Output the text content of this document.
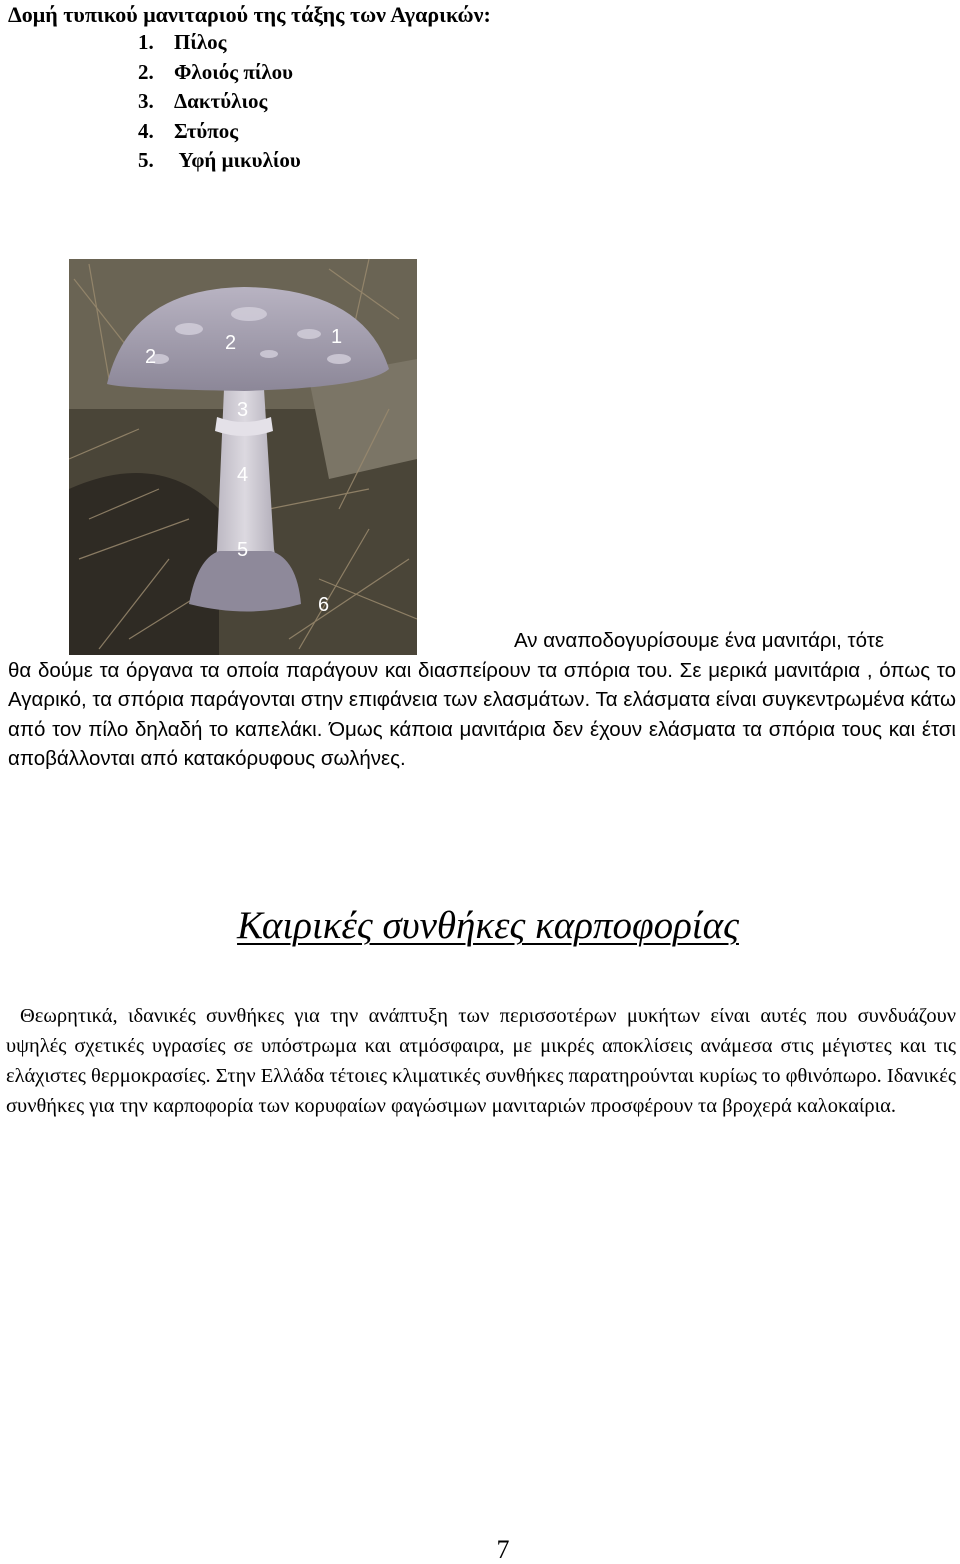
Δομή τυπικού μανιταριού της τάξης των Αγαρικών:
1. Πίλος
2. Φλοιός πίλου
3. Δακτύλιος
4. Στύπος
5. Υφή μικυλίου
2
2	1
3
4
5
6
Αν αναποδογυρίσουμε ένα μανιτάρι, τότε
θα δούμε τα όργανα τα οποία παράγουν και διασπείρουν τα σπόρια του. Σε μερικά μανιτάρια , όπως το Αγαρικό, τα σπόρια παράγονται στην επιφάνεια των ελασμάτων. Τα ελάσματα είναι συγκεντρωμένα κάτω από τον πίλο δηλαδή το καπελάκι. Όμως κάποια μανιτάρια δεν έχουν ελάσματα τα σπόρια τους και έτσι αποβάλλονται από κατακόρυφους σωλήνες.
Καιρικές συνθήκες καρποφορίας
Θεωρητικά, ιδανικές συνθήκες για την ανάπτυξη των περισσοτέρων μυκήτων είναι αυτές που συνδυάζουν υψηλές σχετικές υγρασίες σε υπόστρωμα και ατμόσφαιρα, με μικρές αποκλίσεις ανάμεσα στις μέγιστες και τις ελάχιστες θερμοκρασίες. Στην Ελλάδα τέτοιες κλιματικές συνθήκες παρατηρούνται κυρίως το φθινόπωρο. Ιδανικές συνθήκες για την καρποφορία των κορυφαίων φαγώσιμων μανιταριών προσφέρουν τα βροχερά καλοκαίρια.
7
